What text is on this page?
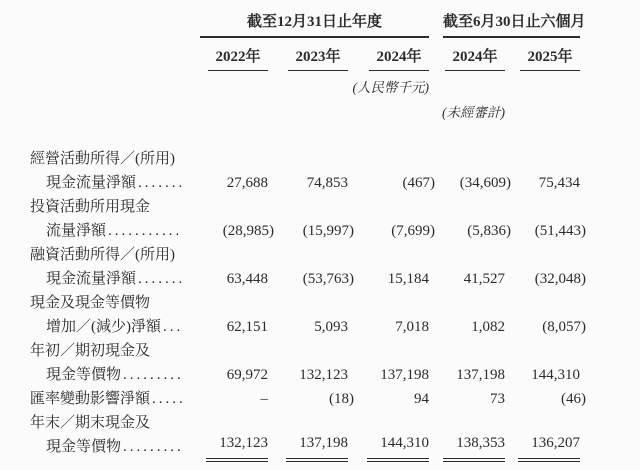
	截至12月31日止年度			截至6月30日止六個月	

	2022年	2023年	2024年	2024年	2025年
			(人民幣千元)		
				(未經審計)	

經營活動所得／(所用)
現金流量淨額 .......	27,688	74,853	(467)	(34,609)	75,434

投資活動所用現金
流量淨額 ...........	(28,985)	(15,997)	(7,699)	(5,836)	(51,443)

融資活動所得／(所用)
現金流量淨額 .......	63,448	(53,763)	15,184	41,527	(32,048)

現金及現金等價物
增加／(減少)淨額 ...	62,151	5,093	7,018	1,082	(8,057)

年初／期初現金及
現金等價物 .........	69,972	132,123	137,198	137,198	144,310

匯率變動影響淨額 .....	–	(18)	94	73	(46)

年末／期末現金及
現金等價物 .........	132,123	137,198	144,310	138,353	136,207
